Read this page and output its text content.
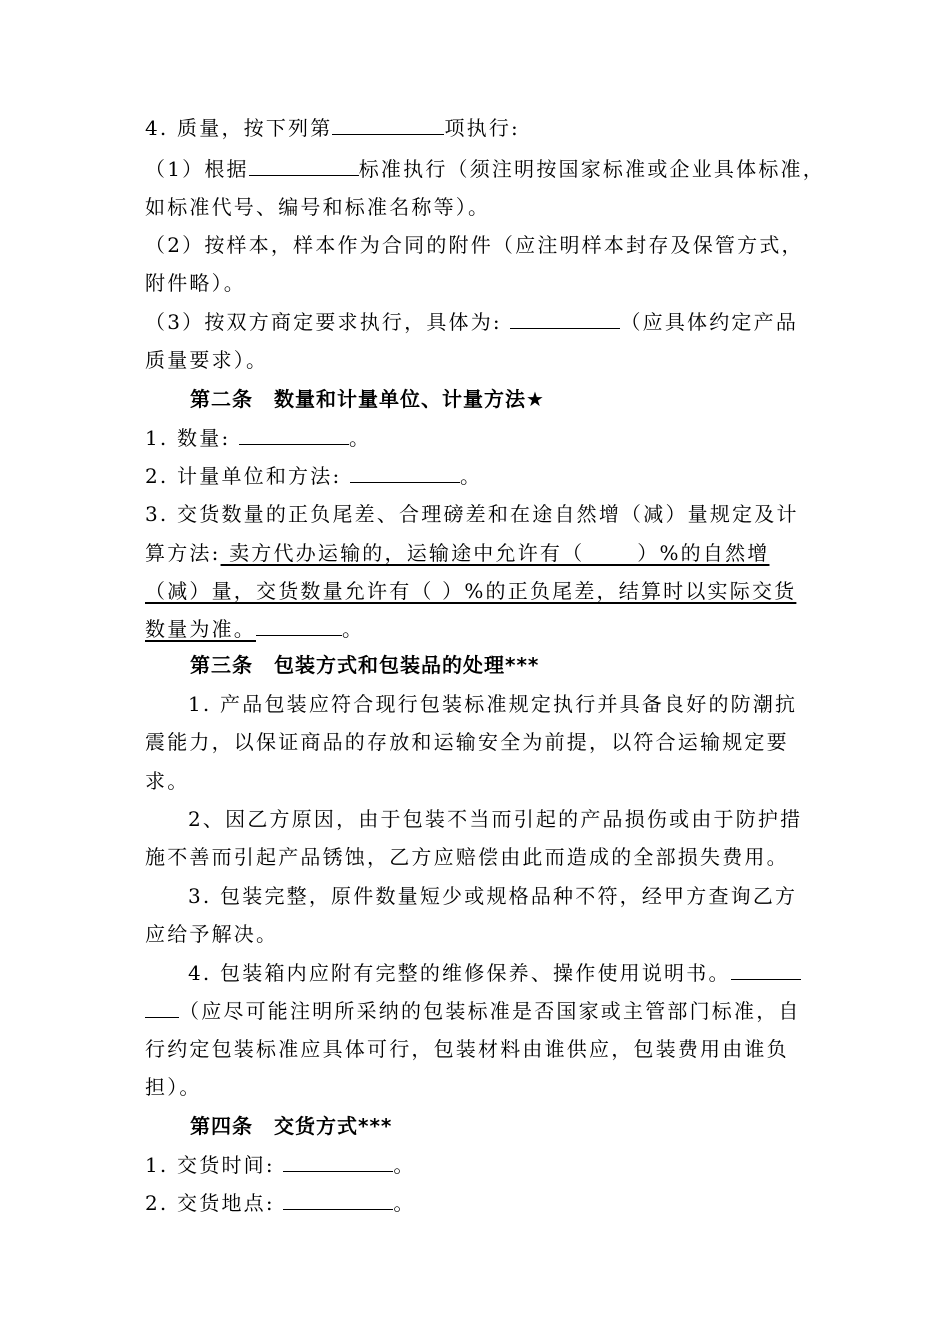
4. 质量，按下列第	项执行:
（1）根据	标准执行（须注明按国家标准或企业具体标准，
如标准代号、编号和标准名称等）。
（2）按样本，样本作为合同的附件（应注明样本封存及保管方式，
附件略）。
（3）按双方商定要求执行，具体为:	（应具体约定产品
质量要求）。
第二条　数量和计量单位、计量方法★
1. 数量:	。
2. 计量单位和方法:	。
3. 交货数量的正负尾差、合理磅差和在途自然增（减）量规定及计
算方法: 卖方代办运输的，运输途中允许有（　　 ）%的自然增
（减）量，交货数量允许有（ ）%的正负尾差，结算时以实际交货
数量为准。	。
第三条　包装方式和包装品的处理***
1. 产品包装应符合现行包装标准规定执行并具备良好的防潮抗
震能力，以保证商品的存放和运输安全为前提，以符合运输规定要
求。
2、因乙方原因，由于包装不当而引起的产品损伤或由于防护措
施不善而引起产品锈蚀，乙方应赔偿由此而造成的全部损失费用。
3. 包装完整，原件数量短少或规格品种不符，经甲方查询乙方
应给予解决。
4. 包装箱内应附有完整的维修保养、操作使用说明书。
（应尽可能注明所采纳的包装标准是否国家或主管部门标准，自
行约定包装标准应具体可行，包装材料由谁供应，包装费用由谁负
担）。
第四条　交货方式***
1. 交货时间:	。
2. 交货地点:	。
